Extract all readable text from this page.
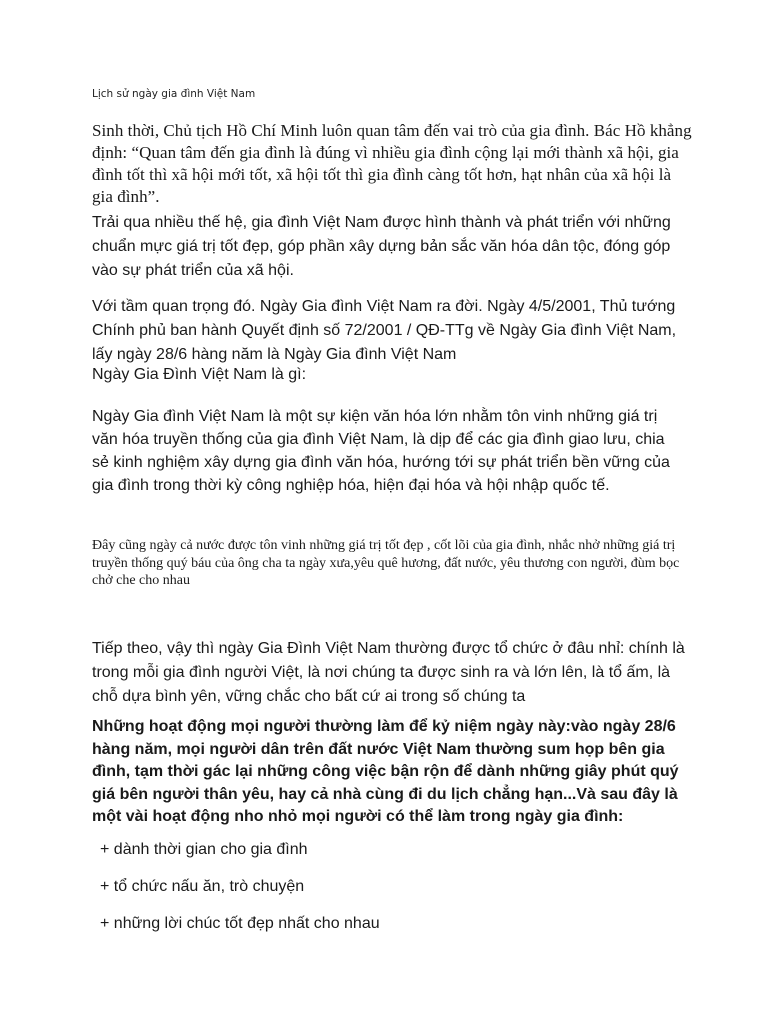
Lịch sử ngày gia đình Việt Nam

Sinh thời, Chủ tịch Hồ Chí Minh luôn quan tâm đến vai trò của gia đình. Bác Hồ khẳng định: “Quan tâm đến gia đình là đúng vì nhiều gia đình cộng lại mới thành xã hội, gia đình tốt thì xã hội mới tốt, xã hội tốt thì gia đình càng tốt hơn, hạt nhân của xã hội là gia đình”.

Trải qua nhiều thế hệ, gia đình Việt Nam được hình thành và phát triển với những chuẩn mực giá trị tốt đẹp, góp phần xây dựng bản sắc văn hóa dân tộc, đóng góp vào sự phát triển của xã hội.

Với tầm quan trọng đó. Ngày Gia đình Việt Nam ra đời. Ngày 4/5/2001, Thủ tướng Chính phủ ban hành Quyết định số 72/2001 / QĐ-TTg về Ngày Gia đình Việt Nam, lấy ngày 28/6 hàng năm là Ngày Gia đình Việt Nam

Ngày Gia Đình Việt Nam là gì:

Ngày Gia đình Việt Nam là một sự kiện văn hóa lớn nhằm tôn vinh những giá trị văn hóa truyền thống của gia đình Việt Nam, là dịp để các gia đình giao lưu, chia sẻ kinh nghiệm xây dựng gia đình văn hóa, hướng tới sự phát triển bền vững của gia đình trong thời kỳ công nghiệp hóa, hiện đại hóa và hội nhập quốc tế.

Đây cũng ngày cả nước được tôn vinh những giá trị tốt đẹp , cốt lõi của gia đình, nhắc nhở những giá trị truyền thống quý báu của ông cha ta ngày xưa,yêu quê hương, đất nước, yêu thương con người, đùm bọc chở che cho nhau

Tiếp theo, vậy thì ngày Gia Đình Việt Nam thường được tổ chức ở đâu nhỉ: chính là trong mỗi gia đình người Việt, là nơi chúng ta được sinh ra và lớn lên, là tổ ấm, là chỗ dựa bình yên, vững chắc cho bất cứ ai trong số chúng ta

Những hoạt động mọi người thường làm để kỷ niệm ngày này:vào ngày 28/6 hàng năm, mọi người dân trên đất nước Việt Nam thường sum họp bên gia đình, tạm thời gác lại những công việc bận rộn để dành những giây phút quý giá bên người thân yêu, hay cả nhà cùng đi du lịch chẳng hạn...Và sau đây là một vài hoạt động nho nhỏ mọi người có thể làm trong ngày gia đình:

+ dành thời gian cho gia đình
+ tổ chức nấu ăn, trò chuyện
+ những lời chúc tốt đẹp nhất cho nhau
